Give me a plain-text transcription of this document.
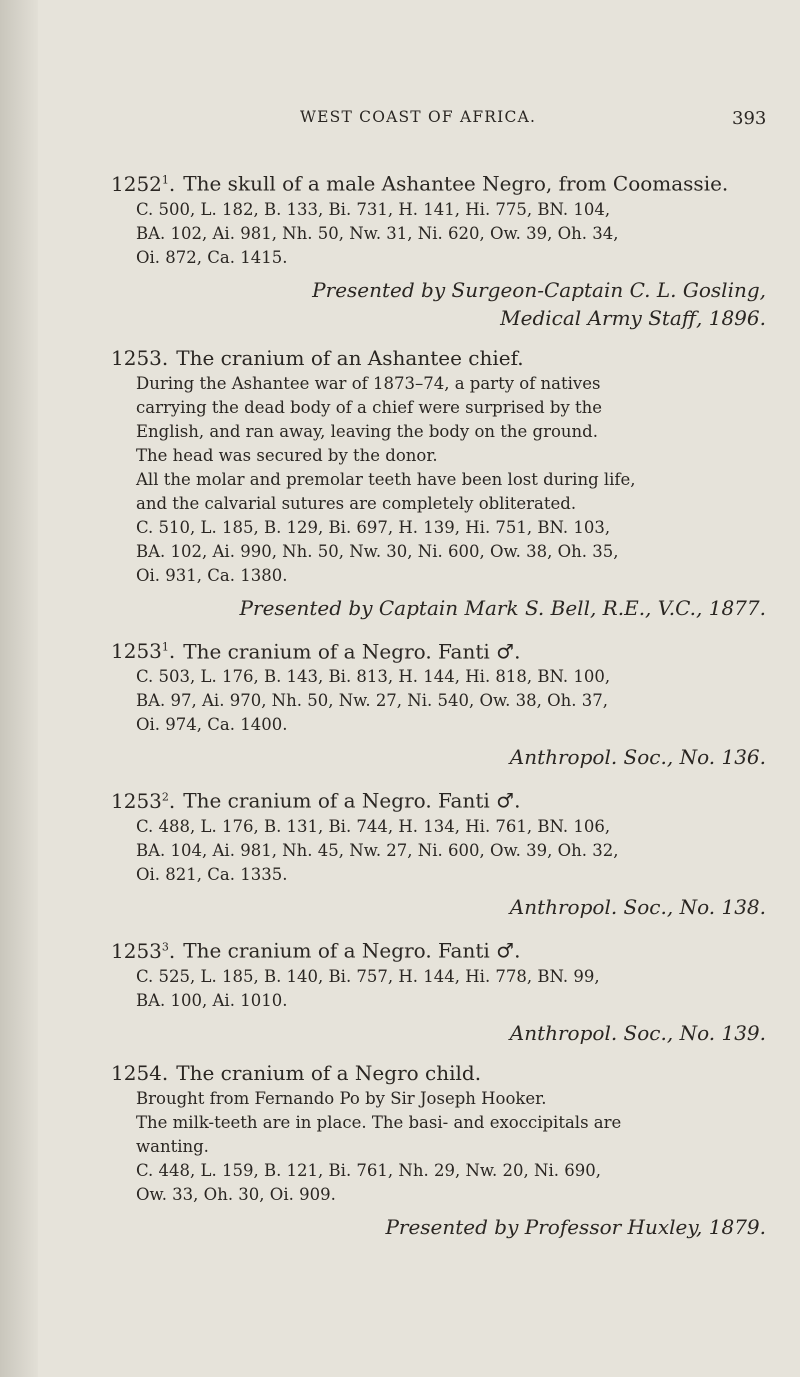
WEST COAST OF AFRICA.	393
1252$^1$. The skull of a male Ashantee Negro, from Coomassie.
C. 500, L. 182, B. 133, Bi. 731, H. 141, Hi. 775, BN. 104,
BA. 102, Ai. 981, Nh. 50, Nw. 31, Ni. 620, Ow. 39, Oh. 34,
Oi. 872, Ca. 1415.
Presented by Surgeon-Captain C. L. Gosling,
Medical Army Staff, 1896.
1253. The cranium of an Ashantee chief.
During the Ashantee war of 1873–74, a party of natives
carrying the dead body of a chief were surprised by the
English, and ran away, leaving the body on the ground.
The head was secured by the donor.
All the molar and premolar teeth have been lost during life,
and the calvarial sutures are completely obliterated.
C. 510, L. 185, B. 129, Bi. 697, H. 139, Hi. 751, BN. 103,
BA. 102, Ai. 990, Nh. 50, Nw. 30, Ni. 600, Ow. 38, Oh. 35,
Oi. 931, Ca. 1380.
Presented by Captain Mark S. Bell, R.E., V.C., 1877.
1253$^1$. The cranium of a Negro. Fanti ♂.
C. 503, L. 176, B. 143, Bi. 813, H. 144, Hi. 818, BN. 100,
BA. 97, Ai. 970, Nh. 50, Nw. 27, Ni. 540, Ow. 38, Oh. 37,
Oi. 974, Ca. 1400.
Anthropol. Soc., No. 136.
1253$^2$. The cranium of a Negro. Fanti ♂.
C. 488, L. 176, B. 131, Bi. 744, H. 134, Hi. 761, BN. 106,
BA. 104, Ai. 981, Nh. 45, Nw. 27, Ni. 600, Ow. 39, Oh. 32,
Oi. 821, Ca. 1335.
Anthropol. Soc., No. 138.
1253$^3$. The cranium of a Negro. Fanti ♂.
C. 525, L. 185, B. 140, Bi. 757, H. 144, Hi. 778, BN. 99,
BA. 100, Ai. 1010.
Anthropol. Soc., No. 139.
1254. The cranium of a Negro child.
Brought from Fernando Po by Sir Joseph Hooker.
The milk-teeth are in place. The basi- and exoccipitals are
wanting.
C. 448, L. 159, B. 121, Bi. 761, Nh. 29, Nw. 20, Ni. 690,
Ow. 33, Oh. 30, Oi. 909.
Presented by Professor Huxley, 1879.
